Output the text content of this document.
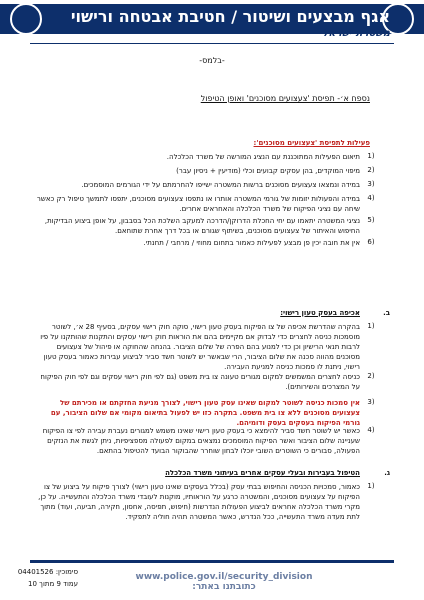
אגף מבצעים ושיטור / חטיבת אבטחה ורישוי
משטרת ישראל
-בלמס-
נספח א׳- תפיסת 'צעצועים מסוכנים' ואופן הטיפול
פעילות לתפיסת 'צעצועים מסוכנים':
1)
תיאום הפעילות המתוכננת עם הנציג המורשה של משרד הכלכלה.
2)
מיפוי המוקדים, בהן עסקים קבועים וכלי (מודיעין + ניסיון עבר)
3)
במידה ונמצאו צעצועים מסוכנים ברשות המשטרה ישייפו להחרמתם על ידי הגורמים המוסמכים.
4)
במידה והפעולות יזומות של גורמי המשטרה אותרו או נתפסו צעצועים מסוכנים, יתפסו לתמשך טיפול רק כאשר שיחה עם נציגי הפיקוח של משרד הכלכלה והאחראים אחרים.
5)
נציגי המשטרה יתאמו עם יחי החכלת הדרוקן/הדרכה למעקב השלכת הכל בסבבון, על אופן ביצוע הבדיקות, החיפוש והאיתור של צעצועים מסוכנים, בשיתוף שגורם או בכל דרך אחרת שתוחאם.
6)
אין את חובה יכין פן מבצע לפעילות כאמור בתחום מחוזי / מרחבי / תחנתי.
ב.
אכיפה בעסק טעון רישוי:
1)
בהקרה שהדרשת אכיפה של צו הפיקוח בעסק טעון רישוי, סוקה חוק רישוי עסקים, בסעיף 28 א׳, לשוטר מוסמכות כניסה לחצרים כדי לבדוק אם מקיימים בהם את הוראות חוק רישוי עסקים והתקנות שהותקנו על פיו לרבות תנאי הרישיון וכן כדי למנוע בהם הפרה של שלום הציבור. בהנחה שהחוקה או פיהול של צעצועים מסוכנים מהווה סכנה את שלום הציבור, הרי שבאשר יש לשוטר חשד סביר לביצוע עבירות כאמור בעסק טעון רישוי, ניתנת לו סמכות כניסה למניעת העבירה.
2)
כניסה לחצרים המשמשים למקום מגורים טעונה צו בית משפט (גם לפי חוק רישוי עסקים וגם לפי חוק הפיקוח על המצרכים והשירותים).
3)
אין סמכות כניסה לשוטר למקום שאינו עסק טעון רישוי, לצורך מניעת החזקתם או מכירתם של צעצועים מסוכנים ללא צו בית משפט. בתקרה כזו יש לפעול בתיאום מקומי אם שלום הציבור, עם גורמי הפיקוח בעסקים בעסק ודומיהם.
4)
כאשר יש לשוטר חשד סביר להימצא כי בעסק טעון רישוי שאינו משמש למגורים נעברת עבירה לפי צו הפיקוח שעניינה שלום הציבור ואשר הפיקוח המוסמכים נמצאים במקום לפעולה מספציפיות, ניתן לגשת את הנזקים הפעולה, סבורים כי השוטרים השובי יוכלו לבחון שוחרר שהבוקור הבועד להטיפול בהתאם.
ג.
הטיפול בעבירות ובעלי עסקים אחרים בעיתוני משרד הכלכלה
1)
כאמור, סמכויות הכניסה והחיפוש בבתי עסק (בכלל בעסקים שאינו טעון רישוי) לצורך פיקוח על ביצוע של צו הפיקוח על צעצועים מסוכנים, והמשטרה כרגע על הוראותיו, מוקנות לעובדי משרד הכלכלה והתעשייה. על כן, מקרי משרד הכלכלה אחראים לביצוע הפעולות הנדרשות (חיפוש, תפיסה, אחסון, חקירה, תביעה, ועוד) מתוך לתת מעדה משרד התעשייה, ככל הנדרש, כאשר המשטרה תהיה חוליה לתפקיד.
www.police.gov.il/security_division :כתובתנו באתר
סימוכין: 04401526
עמוד 9 מתוך 10
